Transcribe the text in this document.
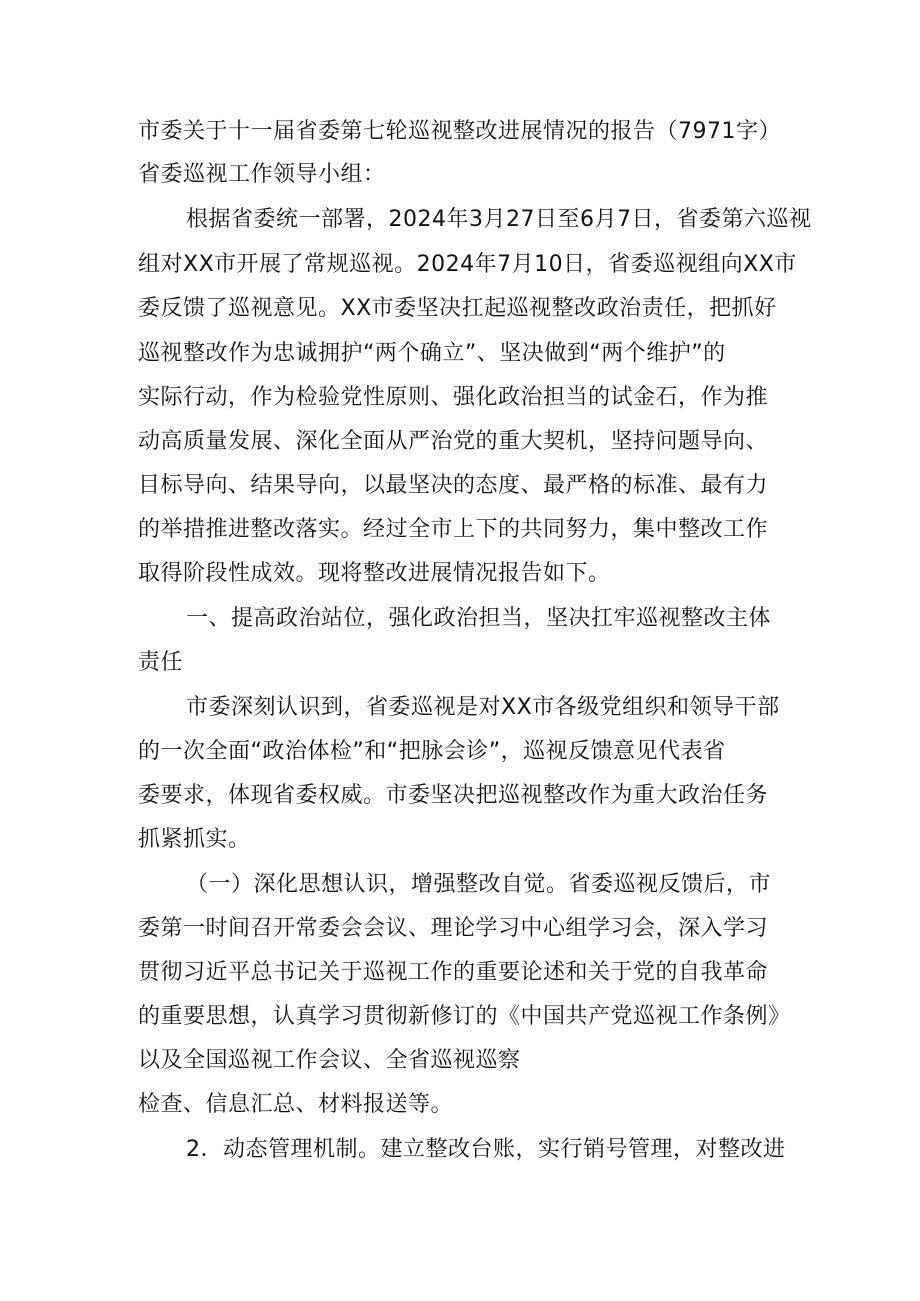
市委关于十一届省委第七轮巡视整改进展情况的报告（7971字）
省委巡视工作领导小组：
根据省委统一部署，2024年3月27日至6月7日，省委第六巡视
组对XX市开展了常规巡视。2024年7月10日，省委巡视组向XX市
委反馈了巡视意见。XX市委坚决扛起巡视整改政治责任，把抓好
巡视整改作为忠诚拥护“两个确立”、坚决做到“两个维护”的
实际行动，作为检验党性原则、强化政治担当的试金石，作为推
动高质量发展、深化全面从严治党的重大契机，坚持问题导向、
目标导向、结果导向，以最坚决的态度、最严格的标准、最有力
的举措推进整改落实。经过全市上下的共同努力，集中整改工作
取得阶段性成效。现将整改进展情况报告如下。
一、提高政治站位，强化政治担当，坚决扛牢巡视整改主体
责任
市委深刻认识到，省委巡视是对XX市各级党组织和领导干部
的一次全面“政治体检”和“把脉会诊”，巡视反馈意见代表省
委要求，体现省委权威。市委坚决把巡视整改作为重大政治任务
抓紧抓实。
（一）深化思想认识，增强整改自觉。省委巡视反馈后，市
委第一时间召开常委会会议、理论学习中心组学习会，深入学习
贯彻习近平总书记关于巡视工作的重要论述和关于党的自我革命
的重要思想，认真学习贯彻新修订的《中国共产党巡视工作条例》
以及全国巡视工作会议、全省巡视巡察
检查、信息汇总、材料报送等。
2．动态管理机制。建立整改台账，实行销号管理，对整改进
